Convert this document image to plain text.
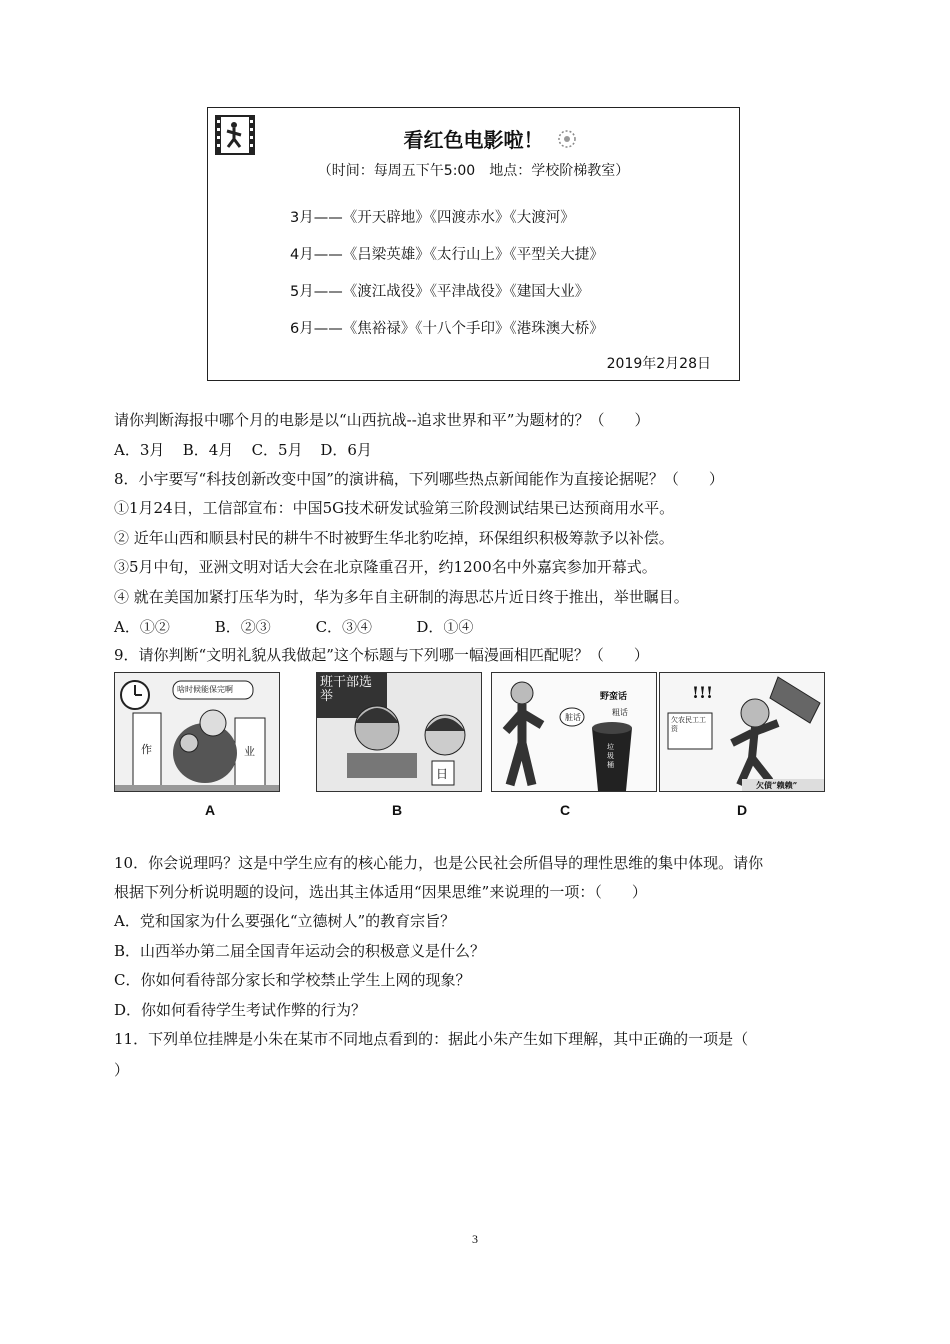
看红色电影啦！
（时间：每周五下午5:00　地点：学校阶梯教室）
3月——《开天辟地》《四渡赤水》《大渡河》
4月——《吕梁英雄》《太行山上》《平型关大捷》
5月——《渡江战役》《平津战役》《建国大业》
6月——《焦裕禄》《十八个手印》《港珠澳大桥》
2019年2月28日
请你判断海报中哪个月的电影是以“山西抗战--追求世界和平”为题材的？（　　）
A．3月 B．4月 C．5月 D．6月
8．小宇要写“科技创新改变中国”的演讲稿，下列哪些热点新闻能作为直接论据呢？（　　）
①1月24日，工信部宣布：中国5G技术研发试验第三阶段测试结果已达预商用水平。
② 近年山西和顺县村民的耕牛不时被野生华北豹吃掉，环保组织积极筹款予以补偿。
③5月中旬，亚洲文明对话大会在北京隆重召开，约1200名中外嘉宾参加开幕式。
④ 就在美国加紧打压华为时，华为多年自主研制的海思芯片近日终于推出，举世瞩目。
A．①②	B．②③	C．③④	D．①④
9．请你判断“文明礼貌从我做起”这个标题与下列哪一幅漫画相匹配呢？（　　）
啥时候能保完啊
作	业
A
班干部选举
日
B
脏话
野蛮话
粗话
垃圾桶
C
!!!
欠农民工工资
欠债“赖赖”
D
10．你会说理吗？这是中学生应有的核心能力，也是公民社会所倡导的理性思维的集中体现。请你
根据下列分析说明题的设问，选出其主体适用“因果思维”来说理的一项：（　　）
A．党和国家为什么要强化“立德树人”的教育宗旨？
B．山西举办第二届全国青年运动会的积极意义是什么？
C．你如何看待部分家长和学校禁止学生上网的现象？
D．你如何看待学生考试作弊的行为？
11．下列单位挂牌是小朱在某市不同地点看到的：据此小朱产生如下理解，其中正确的一项是（
）
3
